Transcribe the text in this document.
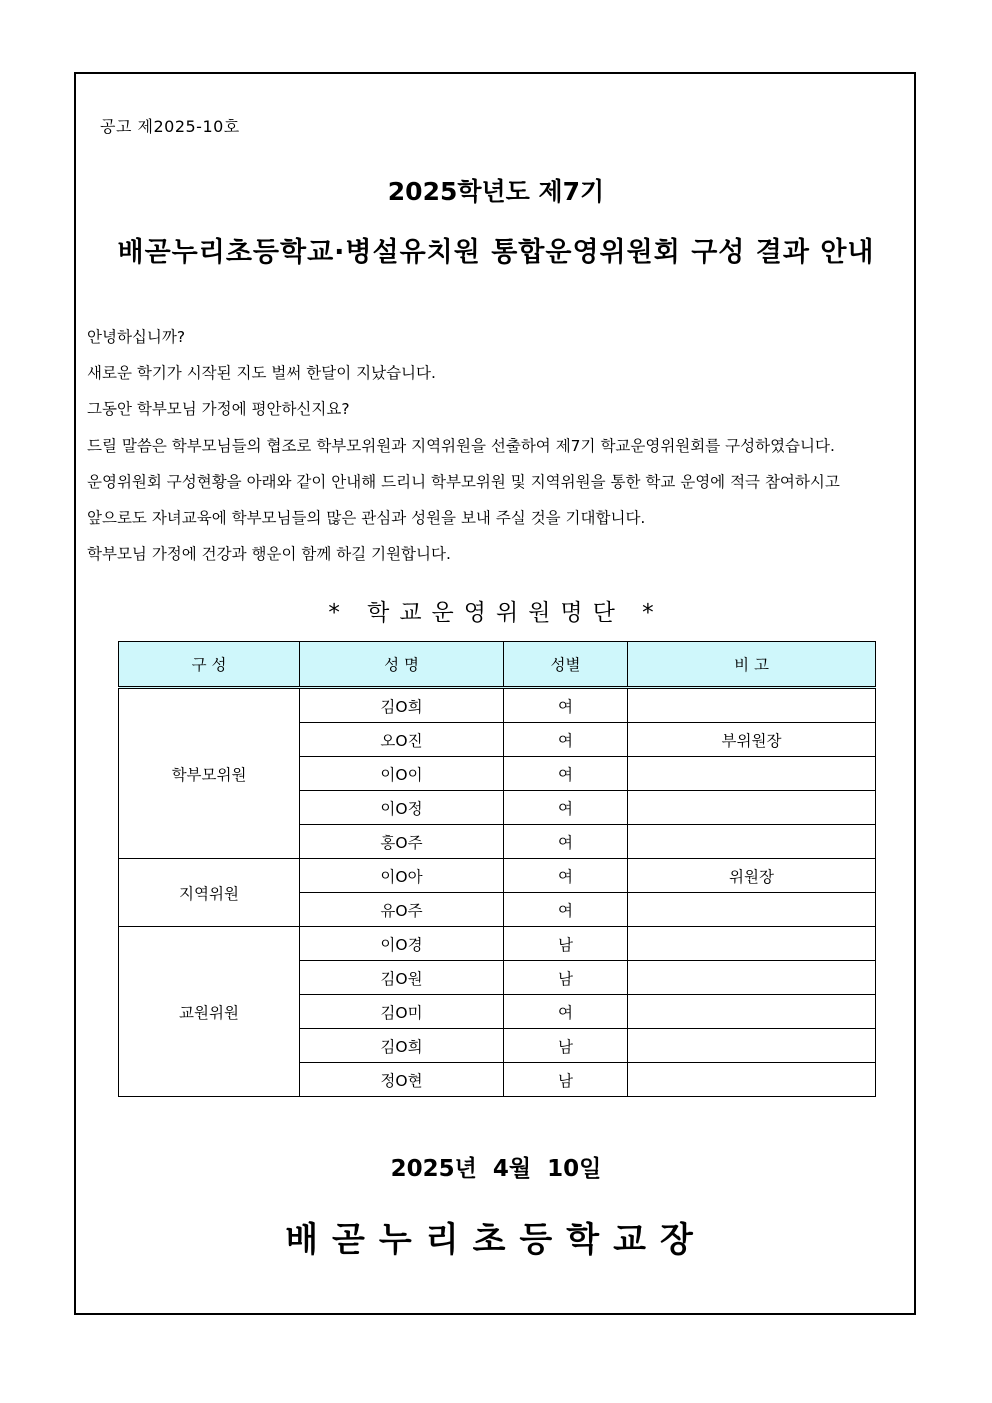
공고 제2025-10호
2025학년도 제7기
배곧누리초등학교·병설유치원 통합운영위원회 구성 결과 안내
안녕하십니까?
새로운 학기가 시작된 지도 벌써 한달이 지났습니다.
그동안 학부모님 가정에 평안하신지요?
드릴 말씀은 학부모님들의 협조로 학부모위원과 지역위원을 선출하여 제7기 학교운영위원회를 구성하였습니다.
운영위원회 구성현황을 아래와 같이 안내해 드리니 학부모위원 및 지역위원을 통한 학교 운영에 적극 참여하시고
앞으로도 자녀교육에 학부모님들의 많은 관심과 성원을 보내 주실 것을 기대합니다.
학부모님 가정에 건강과 행운이 함께 하길 기원합니다.
* 학교운영위원명단 *
구 성	성 명	성별	비 고
학부모위원	김O희	여	
	오O진	여	부위원장
	이O이	여	
	이O정	여	
	홍O주	여	
지역위원	이O아	여	위원장
	유O주	여	
교원위원	이O경	남	
	김O원	남	
	김O미	여	
	김O희	남	
	정O현	남	
2025년  4월  10일
배곧누리초등학교장
